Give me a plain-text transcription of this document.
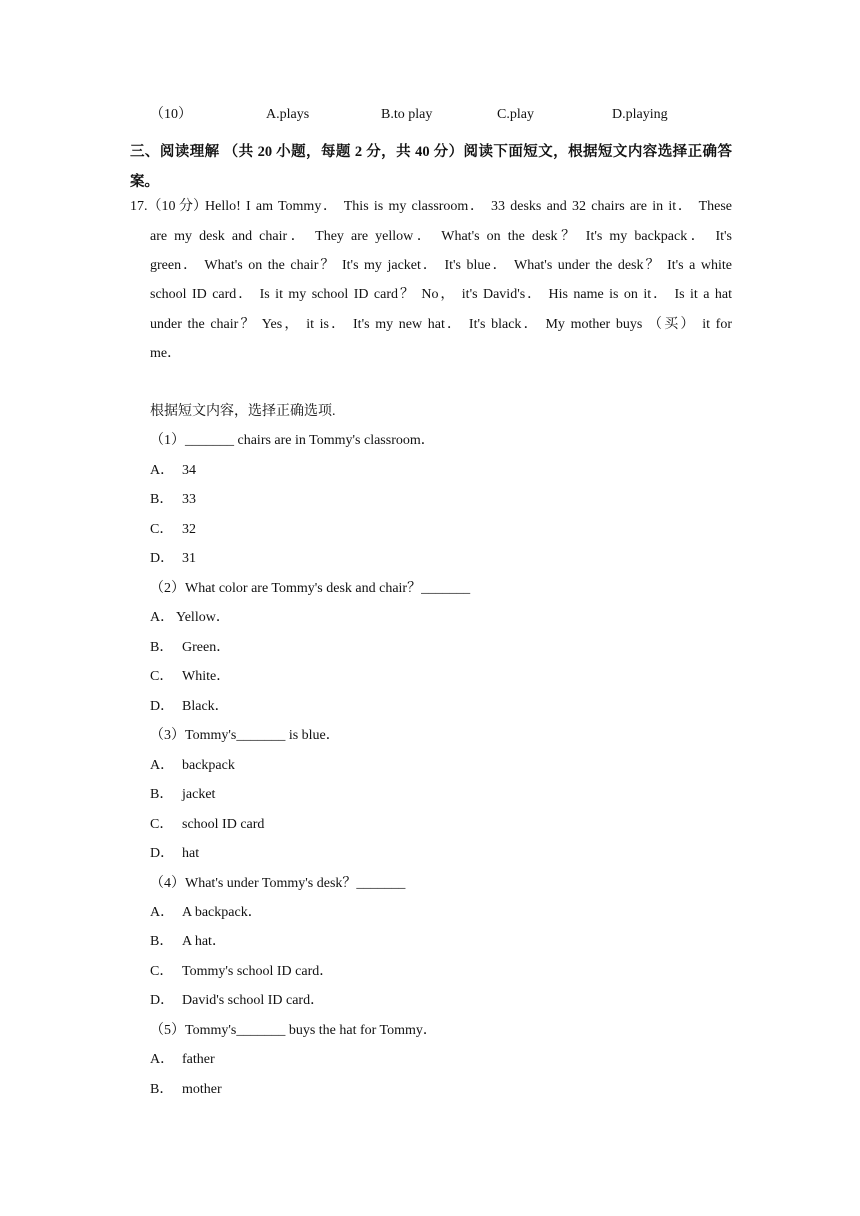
（10）	A.plays	B.to play	C.play	D.playing
三、阅读理解 （共 20 小题，每题 2 分，共 40 分）阅读下面短文，根据短文内容选择正确答案。
17.（10 分）
Hello! I am Tommy． This is my classroom． 33 desks and 32 chairs are in it． These
are my desk and chair． They are yellow． What's on the desk？ It's my backpack． It's
green． What's on the chair？ It's my jacket． It's blue． What's under the desk？ It's a white
school ID card． Is it my school ID card？ No， it's David's． His name is on it． Is it a hat
under the chair？ Yes， it is． It's my new hat． It's black． My mother buys （买） it for
me．
根据短文内容，选择正确选项.
（1）_______ chairs are in Tommy's classroom．
A． 34
B． 33
C． 32
D． 31
（2）What color are Tommy's desk and chair？_______
A． Yellow．
B． Green．
C． White．
D． Black．
（3）Tommy's_______ is blue．
A． backpack
B． jacket
C． school ID card
D． hat
（4）What's under Tommy's desk？_______
A． A backpack．
B． A hat．
C． Tommy's school ID card．
D． David's school ID card．
（5）Tommy's_______ buys the hat for Tommy．
A． father
B． mother
